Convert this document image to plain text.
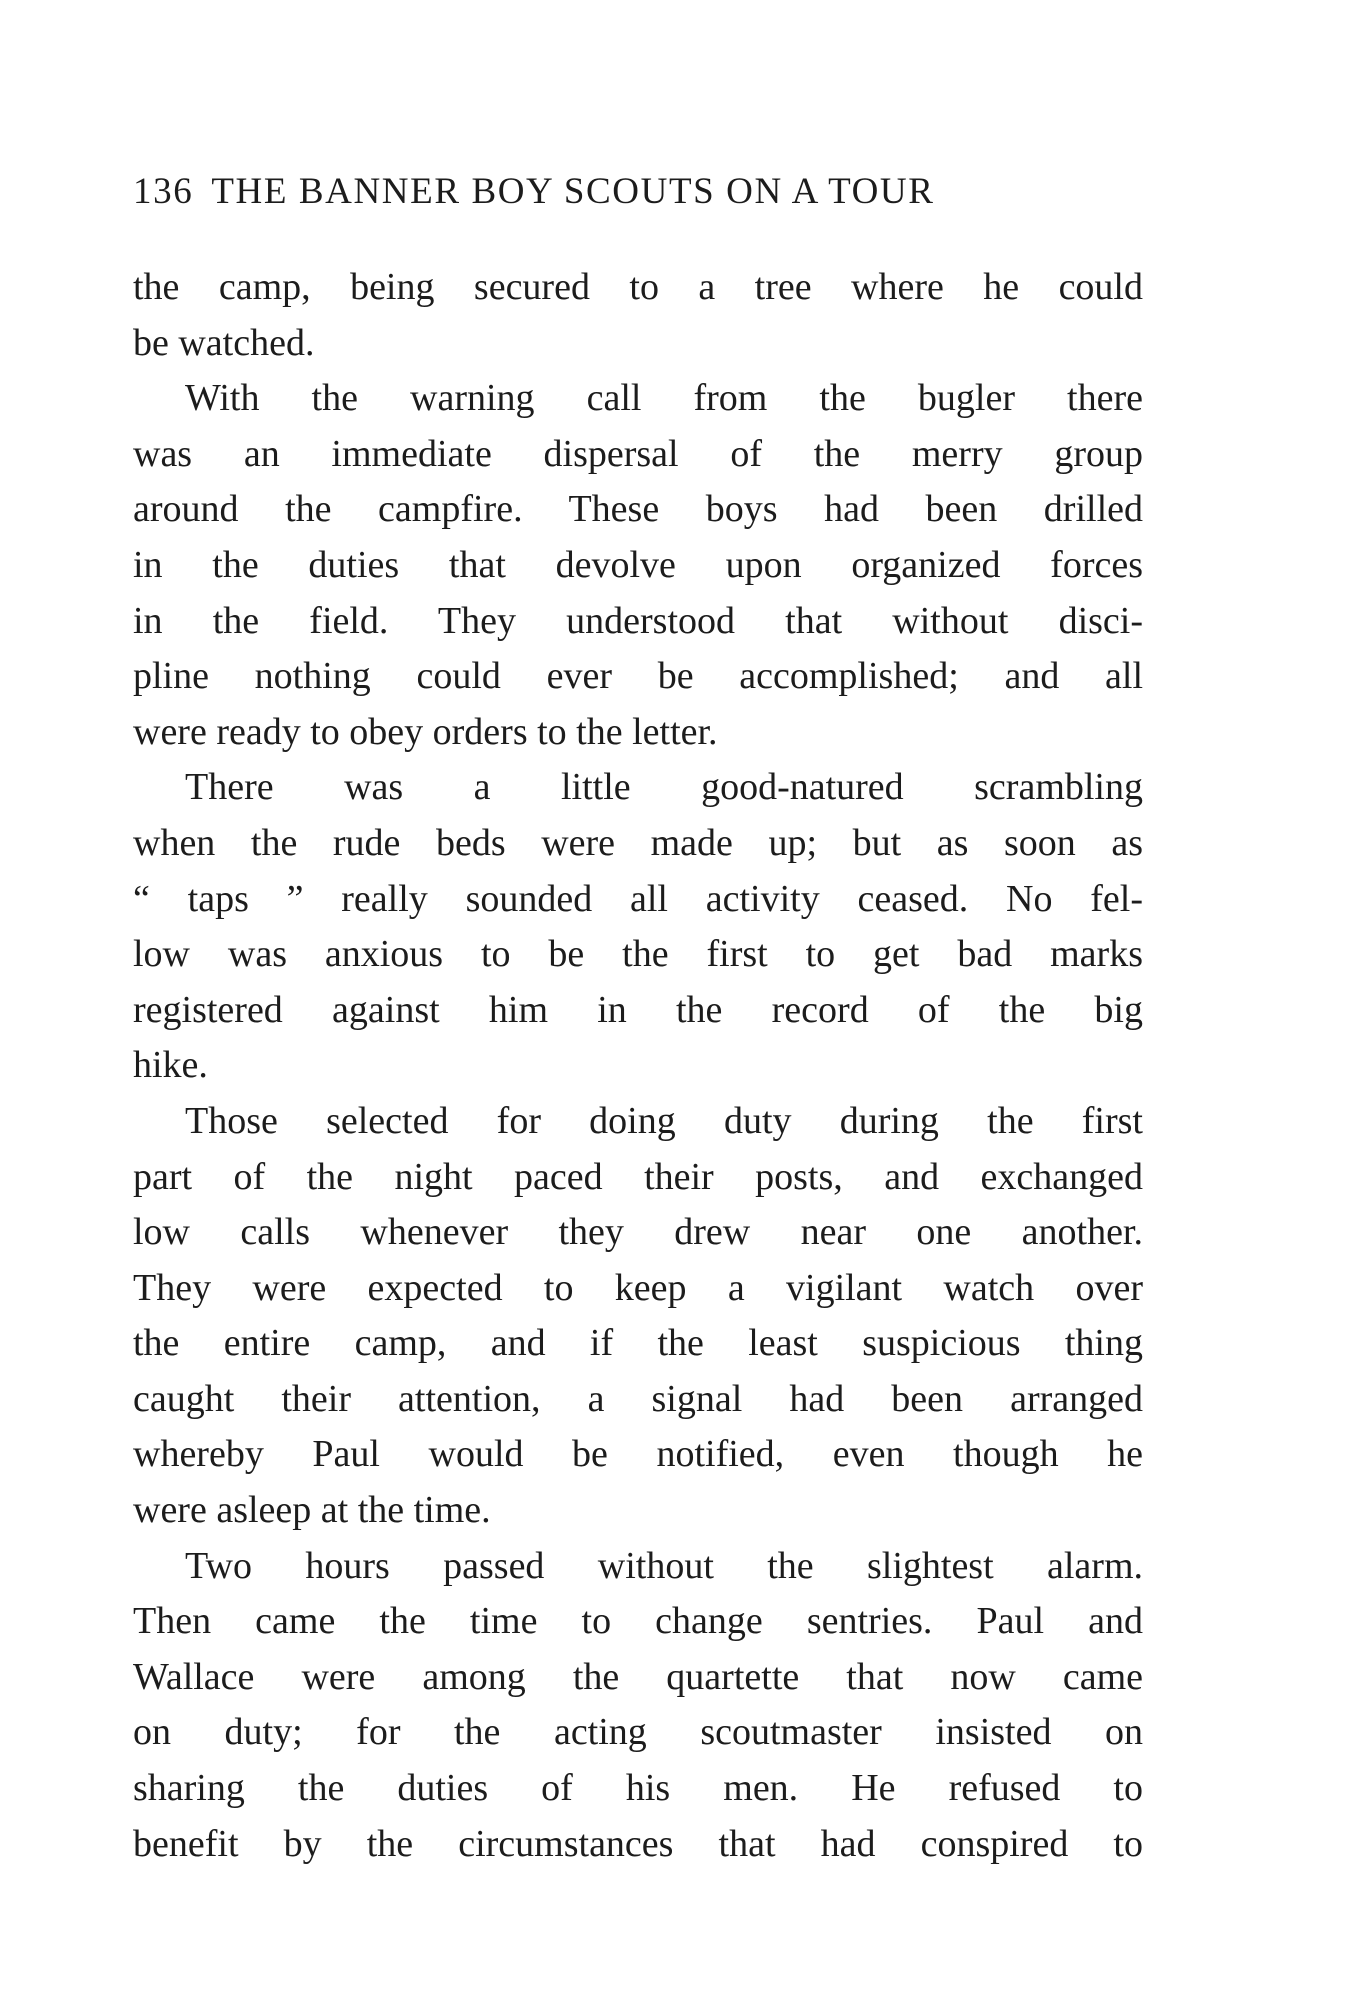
136 THE BANNER BOY SCOUTS ON A TOUR
the camp, being secured to a tree where he could
be watched.
With the warning call from the bugler there
was an immediate dispersal of the merry group
around the campfire. These boys had been drilled
in the duties that devolve upon organized forces
in the field. They understood that without disci-
pline nothing could ever be accomplished; and all
were ready to obey orders to the letter.
There was a little good-natured scrambling
when the rude beds were made up; but as soon as
“ taps ” really sounded all activity ceased. No fel-
low was anxious to be the first to get bad marks
registered against him in the record of the big
hike.
Those selected for doing duty during the first
part of the night paced their posts, and exchanged
low calls whenever they drew near one another.
They were expected to keep a vigilant watch over
the entire camp, and if the least suspicious thing
caught their attention, a signal had been arranged
whereby Paul would be notified, even though he
were asleep at the time.
Two hours passed without the slightest alarm.
Then came the time to change sentries. Paul and
Wallace were among the quartette that now came
on duty; for the acting scoutmaster insisted on
sharing the duties of his men. He refused to
benefit by the circumstances that had conspired to
